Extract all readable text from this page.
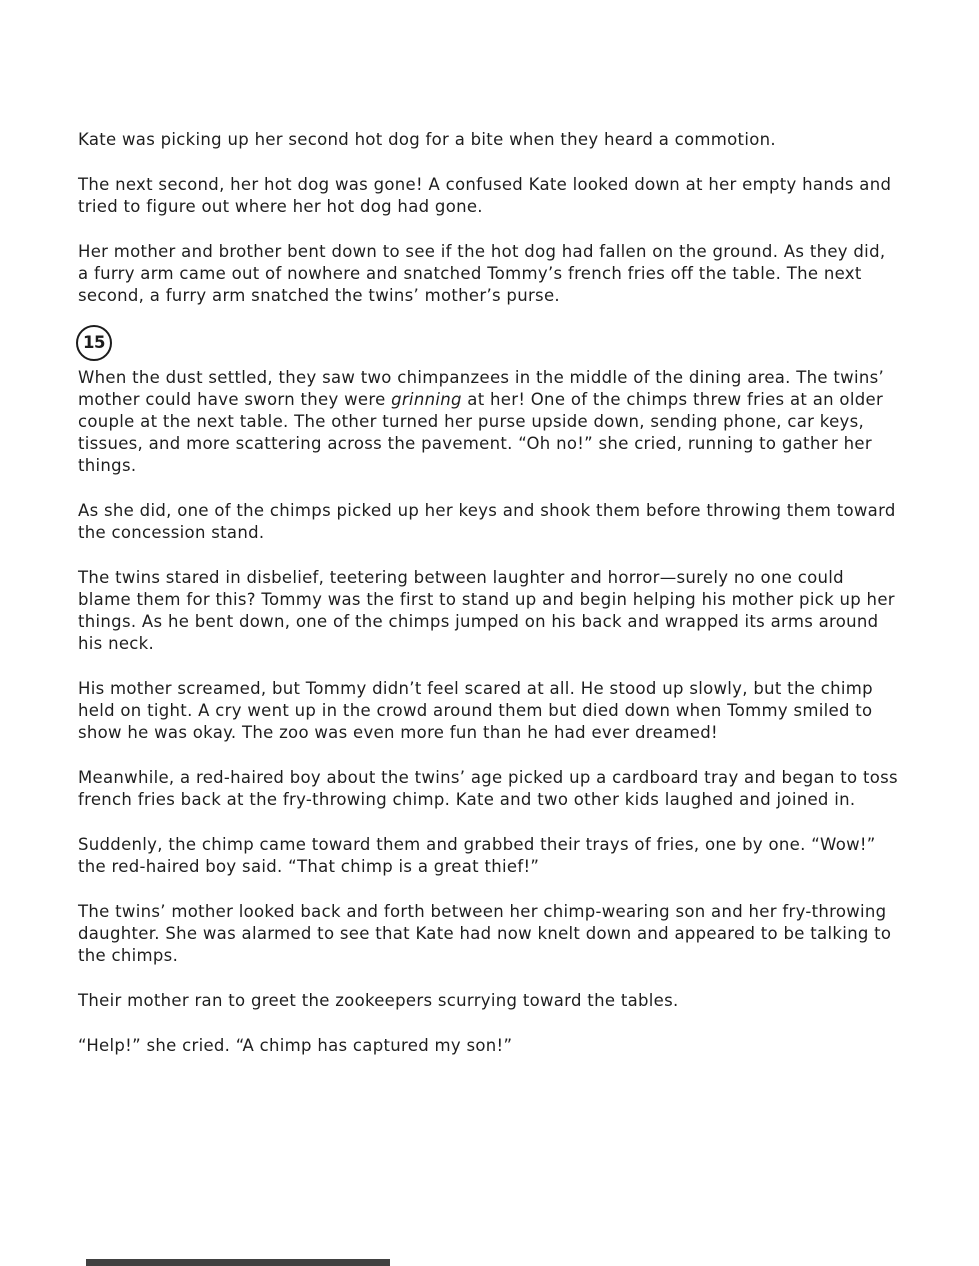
Kate was picking up her second hot dog for a bite when they heard a commotion.

The next second, her hot dog was gone! A confused Kate looked down at her empty hands and tried to figure out where her hot dog had gone.

Her mother and brother bent down to see if the hot dog had fallen on the ground. As they did, a furry arm came out of nowhere and snatched Tommy’s french fries off the table. The next second, a furry arm snatched the twins’ mother’s purse.

15

When the dust settled, they saw two chimpanzees in the middle of the dining area. The twins’ mother could have sworn they were grinning at her! One of the chimps threw fries at an older couple at the next table. The other turned her purse upside down, sending phone, car keys, tissues, and more scattering across the pavement. “Oh no!” she cried, running to gather her things.

As she did, one of the chimps picked up her keys and shook them before throwing them toward the concession stand.

The twins stared in disbelief, teetering between laughter and horror—surely no one could blame them for this? Tommy was the first to stand up and begin helping his mother pick up her things. As he bent down, one of the chimps jumped on his back and wrapped its arms around his neck.

His mother screamed, but Tommy didn’t feel scared at all. He stood up slowly, but the chimp held on tight. A cry went up in the crowd around them but died down when Tommy smiled to show he was okay. The zoo was even more fun than he had ever dreamed!

Meanwhile, a red-haired boy about the twins’ age picked up a cardboard tray and began to toss french fries back at the fry-throwing chimp. Kate and two other kids laughed and joined in.

Suddenly, the chimp came toward them and grabbed their trays of fries, one by one. “Wow!” the red-haired boy said. “That chimp is a great thief!”

The twins’ mother looked back and forth between her chimp-wearing son and her fry-throwing daughter. She was alarmed to see that Kate had now knelt down and appeared to be talking to the chimps.

Their mother ran to greet the zookeepers scurrying toward the tables.

“Help!” she cried. “A chimp has captured my son!”
